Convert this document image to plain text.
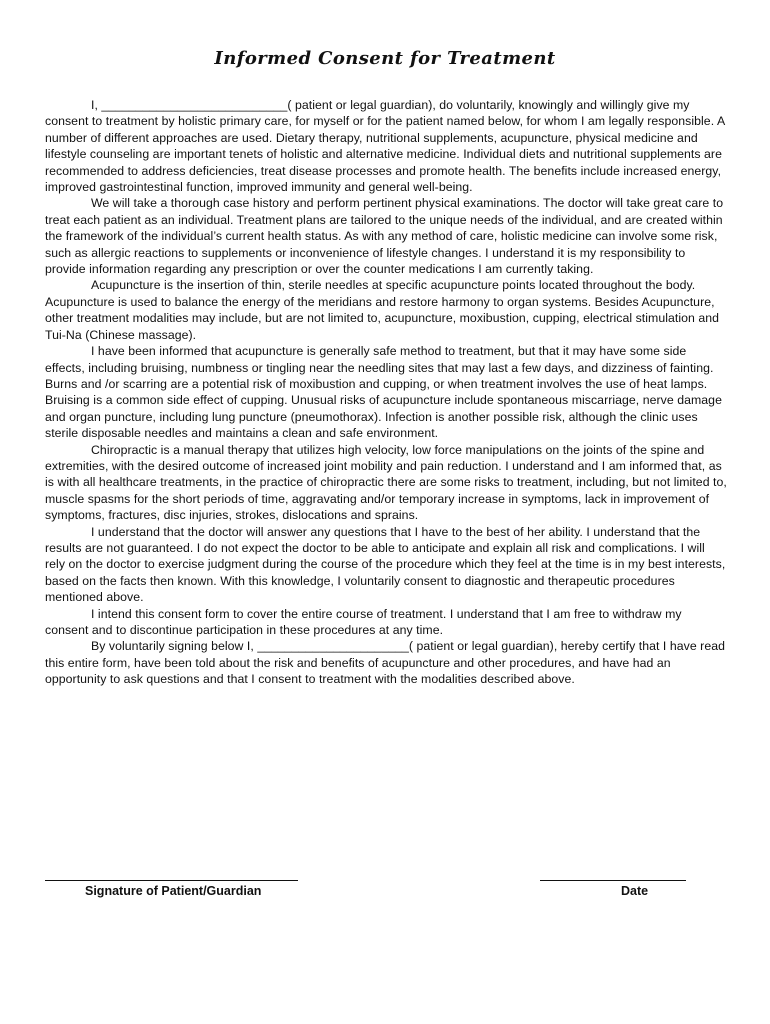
Informed Consent for Treatment

I, ___________________________( patient or legal guardian), do voluntarily, knowingly and willingly give my consent to treatment by holistic primary care, for myself or for the patient named below, for whom I am legally responsible. A number of different approaches are used. Dietary therapy, nutritional supplements, acupuncture, physical medicine and lifestyle counseling are important tenets of holistic and alternative medicine. Individual diets and nutritional supplements are recommended to address deficiencies, treat disease processes and promote health. The benefits include increased energy, improved gastrointestinal function, improved immunity and general well-being.

We will take a thorough case history and perform pertinent physical examinations. The doctor will take great care to treat each patient as an individual. Treatment plans are tailored to the unique needs of the individual, and are created within the framework of the individual’s current health status. As with any method of care, holistic medicine can involve some risk, such as allergic reactions to supplements or inconvenience of lifestyle changes. I understand it is my responsibility to provide information regarding any prescription or over the counter medications I am currently taking.

Acupuncture is the insertion of thin, sterile needles at specific acupuncture points located throughout the body. Acupuncture is used to balance the energy of the meridians and restore harmony to organ systems. Besides Acupuncture, other treatment modalities may include, but are not limited to, acupuncture, moxibustion, cupping, electrical stimulation and Tui-Na (Chinese massage).

I have been informed that acupuncture is generally safe method to treatment, but that it may have some side effects, including bruising, numbness or tingling near the needling sites that may last a few days, and dizziness of fainting. Burns and /or scarring are a potential risk of moxibustion and cupping, or when treatment involves the use of heat lamps. Bruising is a common side effect of cupping. Unusual risks of acupuncture include spontaneous miscarriage, nerve damage and organ puncture, including lung puncture (pneumothorax). Infection is another possible risk, although the clinic uses sterile disposable needles and maintains a clean and safe environment.

Chiropractic is a manual therapy that utilizes high velocity, low force manipulations on the joints of the spine and extremities, with the desired outcome of increased joint mobility and pain reduction. I understand and I am informed that, as is with all healthcare treatments, in the practice of chiropractic there are some risks to treatment, including, but not limited to, muscle spasms for the short periods of time, aggravating and/or temporary increase in symptoms, lack in improvement of symptoms, fractures, disc injuries, strokes, dislocations and sprains.

I understand that the doctor will answer any questions that I have to the best of her ability. I understand that the results are not guaranteed. I do not expect the doctor to be able to anticipate and explain all risk and complications. I will rely on the doctor to exercise judgment during the course of the procedure which they feel at the time is in my best interests, based on the facts then known. With this knowledge, I voluntarily consent to diagnostic and therapeutic procedures mentioned above.

I intend this consent form to cover the entire course of treatment. I understand that I am free to withdraw my consent and to discontinue participation in these procedures at any time.

By voluntarily signing below I, ______________________( patient or legal guardian), hereby certify that I have read this entire form, have been told about the risk and benefits of acupuncture and other procedures, and have had an opportunity to ask questions and that I consent to treatment with the modalities described above.

Signature of Patient/Guardian	Date
